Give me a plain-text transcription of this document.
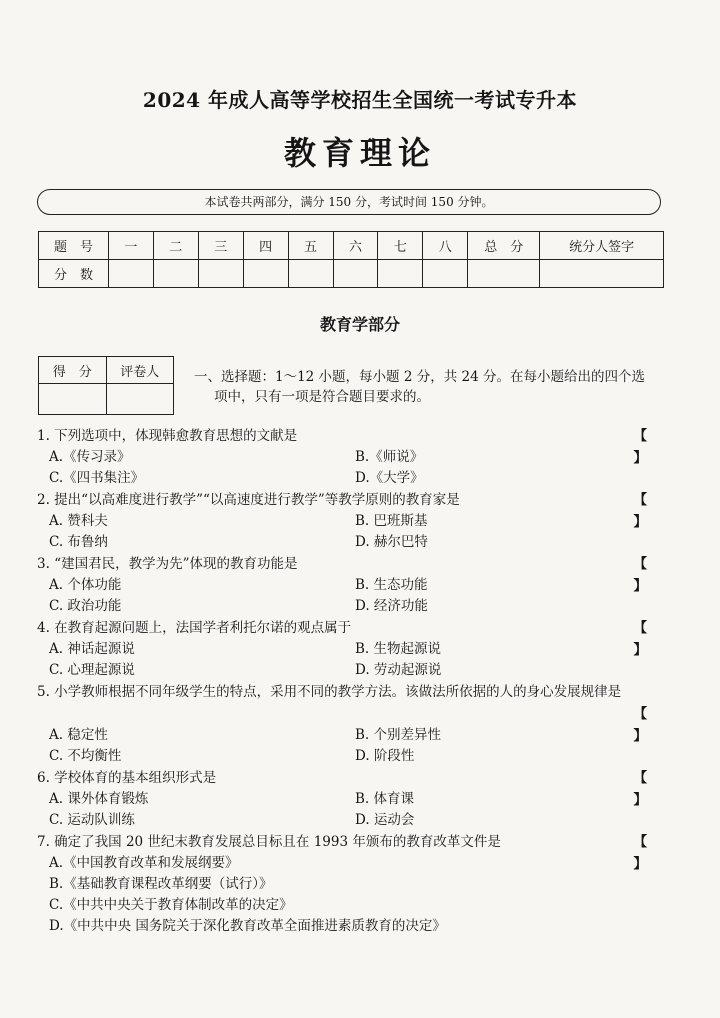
2024 年成人高等学校招生全国统一考试专升本
教育理论
本试卷共两部分，满分 150 分，考试时间 150 分钟。
题　号	一	二	三	四	五	六	七	八	总　分	统分人签字
分　数										
教育学部分
得　分	评卷人
		一、选择题：1～12 小题，每小题 2 分，共 24 分。在每小题给出的四个选
项中，只有一项是符合题目要求的。
1. 下列选项中，体现韩愈教育思想的文献是	【 】
A.《传习录》	B.《师说》
C.《四书集注》	D.《大学》
2. 提出“以高难度进行教学”“以高速度进行教学”等教学原则的教育家是	【 】
A. 赞科夫	B. 巴班斯基
C. 布鲁纳	D. 赫尔巴特
3. “建国君民，教学为先”体现的教育功能是	【 】
A. 个体功能	B. 生态功能
C. 政治功能	D. 经济功能
4. 在教育起源问题上，法国学者利托尔诺的观点属于	【 】
A. 神话起源说	B. 生物起源说
C. 心理起源说	D. 劳动起源说
5. 小学教师根据不同年级学生的特点，采用不同的教学方法。该做法所依据的人的身心发展规律是
【 】
A. 稳定性	B. 个别差异性
C. 不均衡性	D. 阶段性
6. 学校体育的基本组织形式是	【 】
A. 课外体育锻炼	B. 体育课
C. 运动队训练	D. 运动会
7. 确定了我国 20 世纪末教育发展总目标且在 1993 年颁布的教育改革文件是	【 】
A.《中国教育改革和发展纲要》
B.《基础教育课程改革纲要（试行）》
C.《中共中央关于教育体制改革的决定》
D.《中共中央 国务院关于深化教育改革全面推进素质教育的决定》
